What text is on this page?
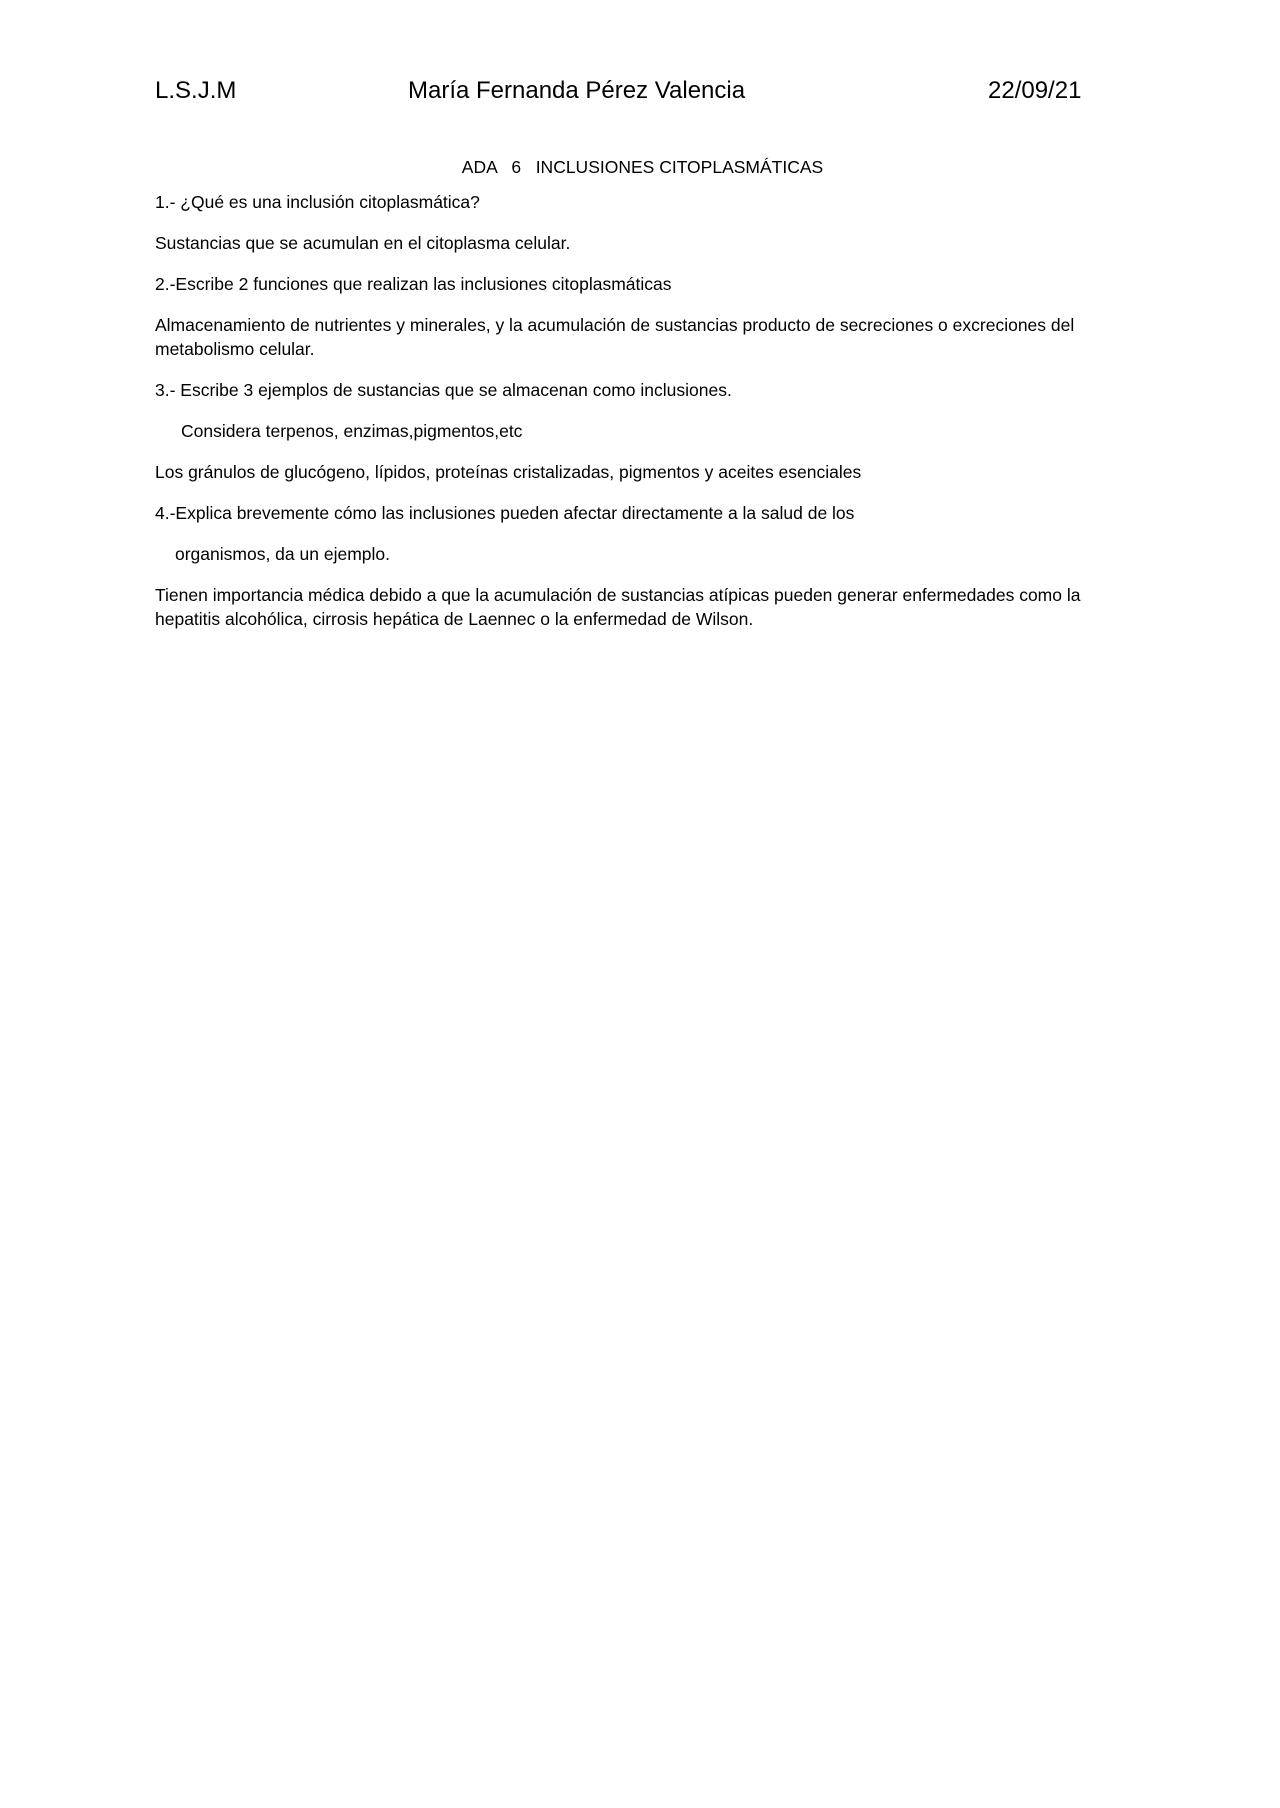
L.S.J.M	María Fernanda Pérez Valencia	22/09/21
ADA   6   INCLUSIONES CITOPLASMÁTICAS
1.- ¿Qué es una inclusión citoplasmática?
Sustancias que se acumulan en el citoplasma celular.
2.-Escribe 2 funciones que realizan las inclusiones citoplasmáticas
Almacenamiento de nutrientes y minerales, y la acumulación de sustancias producto de secreciones o excreciones del metabolismo celular.
3.- Escribe 3 ejemplos de sustancias que se almacenan como inclusiones.
Considera terpenos, enzimas,pigmentos,etc
Los gránulos de glucógeno, lípidos, proteínas cristalizadas, pigmentos y aceites esenciales
4.-Explica brevemente cómo las inclusiones pueden afectar directamente a la salud de los
organismos, da un ejemplo.
Tienen importancia médica debido a que la acumulación de sustancias atípicas pueden generar enfermedades como la hepatitis alcohólica, cirrosis hepática de Laennec o la enfermedad de Wilson.
